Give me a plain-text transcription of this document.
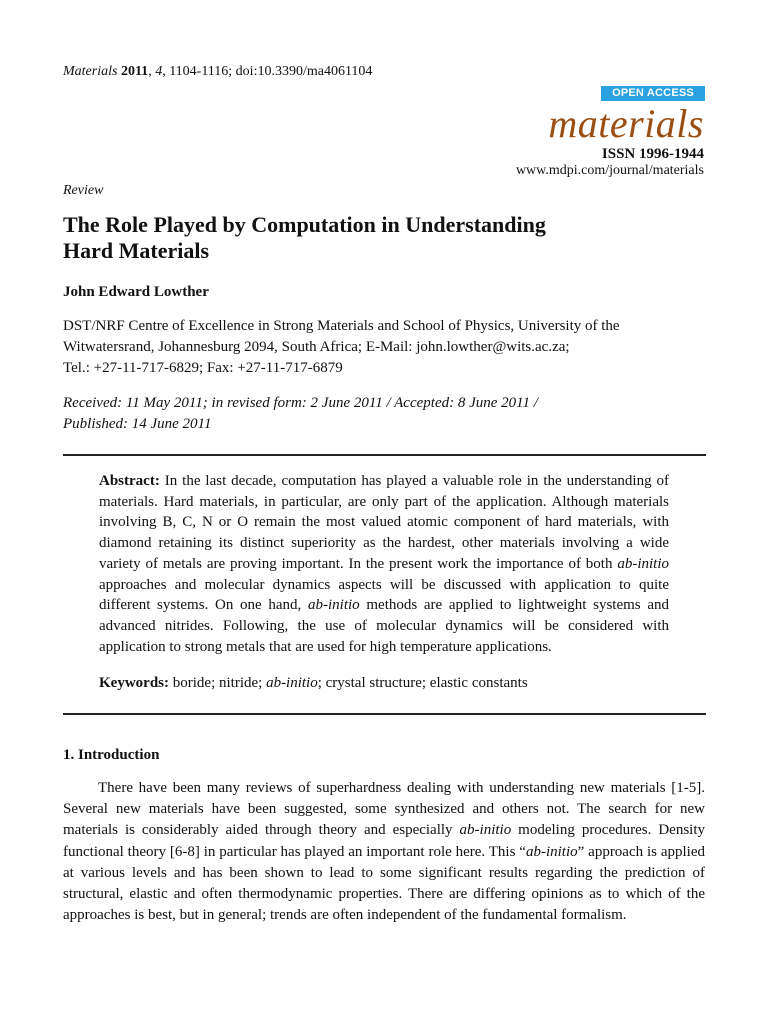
Materials 2011, 4, 1104-1116; doi:10.3390/ma4061104
OPEN ACCESS
materials
ISSN 1996-1944
www.mdpi.com/journal/materials
Review
The Role Played by Computation in Understanding
Hard Materials
John Edward Lowther
DST/NRF Centre of Excellence in Strong Materials and School of Physics, University of the
Witwatersrand, Johannesburg 2094, South Africa; E-Mail: john.lowther@wits.ac.za;
Tel.: +27-11-717-6829; Fax: +27-11-717-6879
Received: 11 May 2011; in revised form: 2 June 2011 / Accepted: 8 June 2011 /
Published: 14 June 2011
Abstract: In the last decade, computation has played a valuable role in the understanding of materials. Hard materials, in particular, are only part of the application. Although materials involving B, C, N or O remain the most valued atomic component of hard materials, with diamond retaining its distinct superiority as the hardest, other materials involving a wide variety of metals are proving important. In the present work the importance of both ab-initio approaches and molecular dynamics aspects will be discussed with application to quite different systems. On one hand, ab-initio methods are applied to lightweight systems and advanced nitrides. Following, the use of molecular dynamics will be considered with application to strong metals that are used for high temperature applications.
Keywords: boride; nitride; ab-initio; crystal structure; elastic constants
1. Introduction
There have been many reviews of superhardness dealing with understanding new materials [1-5]. Several new materials have been suggested, some synthesized and others not. The search for new materials is considerably aided through theory and especially ab-initio modeling procedures. Density functional theory [6-8] in particular has played an important role here. This “ab-initio” approach is applied at various levels and has been shown to lead to some significant results regarding the prediction of structural, elastic and often thermodynamic properties. There are differing opinions as to which of the approaches is best, but in general; trends are often independent of the fundamental formalism.
